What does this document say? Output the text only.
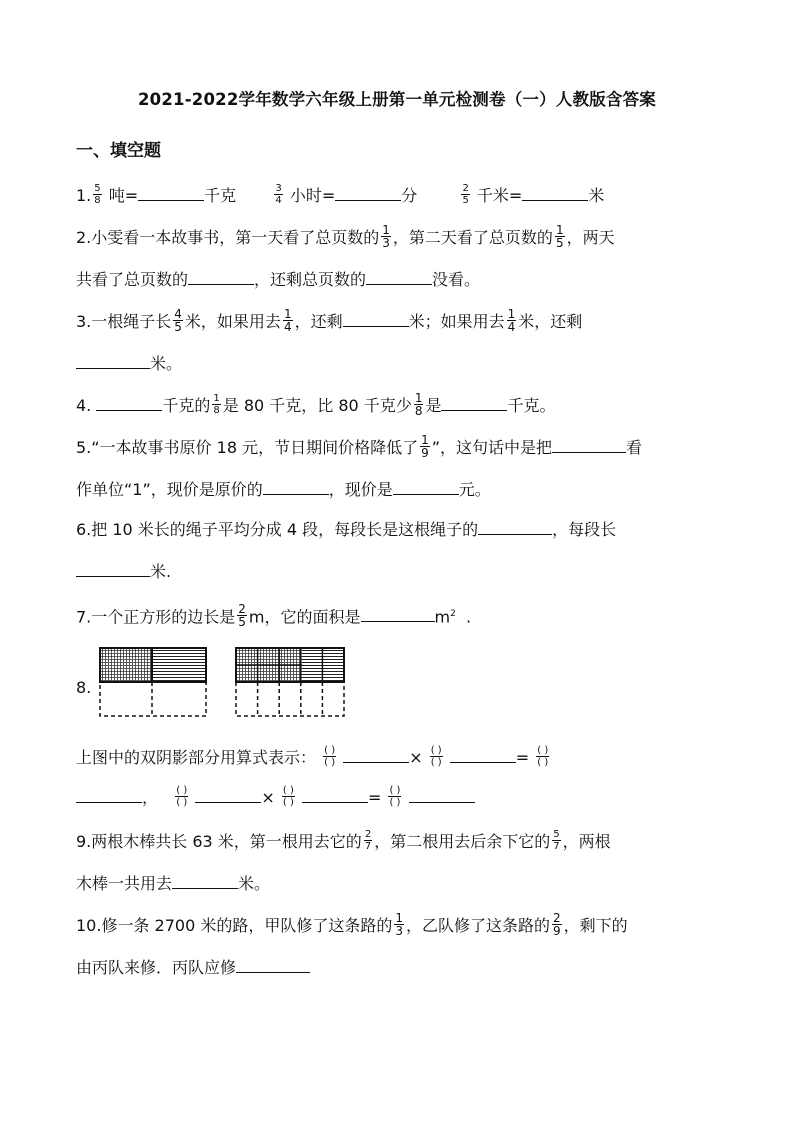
2021-2022学年数学六年级上册第一单元检测卷（一）人教版含答案
一、填空题
1. $\frac{5}{8}$ 吨=	千克	$\frac{3}{4}$ 小时=	分	$\frac{2}{5}$ 千米=	米
2.小雯看一本故事书，第一天看了总页数的 $\frac{1}{3}$ ，第二天看了总页数的 $\frac{1}{5}$ ，两天
共看了总页数的	，还剩总页数的	没看。
3.一根绳子长 $\frac{4}{5}$ 米，如果用去 $\frac{1}{4}$ ，还剩	米；如果用去 $\frac{1}{4}$ 米，还剩
米。
4.	千克的 $\frac{1}{8}$ 是 80 千克，比 80 千克少 $\frac{1}{8}$ 是	千克。
5.“一本故事书原价 18 元，节日期间价格降低了 $\frac{1}{9}$ ”，这句话中是把	看
作单位“1”，现价是原价的	，现价是	元。
6.把 10 米长的绳子平均分成 4 段，每段长是这根绳子的	，每段长
米.
7.一个正方形的边长是 $\frac{2}{5}$ m，它的面积是	$m^2$ .
8.
上图中的双阴影部分用算式表示： $\frac{( )}{( )}$	× $\frac{( )}{( )}$	= $\frac{( )}{( )}$
， $\frac{( )}{( )}$	× $\frac{( )}{( )}$	= $\frac{( )}{( )}$

9.两根木棒共长 63 米，第一根用去它的 $\frac{2}{7}$ ，第二根用去后余下它的 $\frac{5}{7}$ ，两根
木棒一共用去	米。
10.修一条 2700 米的路，甲队修了这条路的 $\frac{1}{3}$ ，乙队修了这条路的 $\frac{2}{9}$ ，剩下的
由丙队来修．丙队应修
